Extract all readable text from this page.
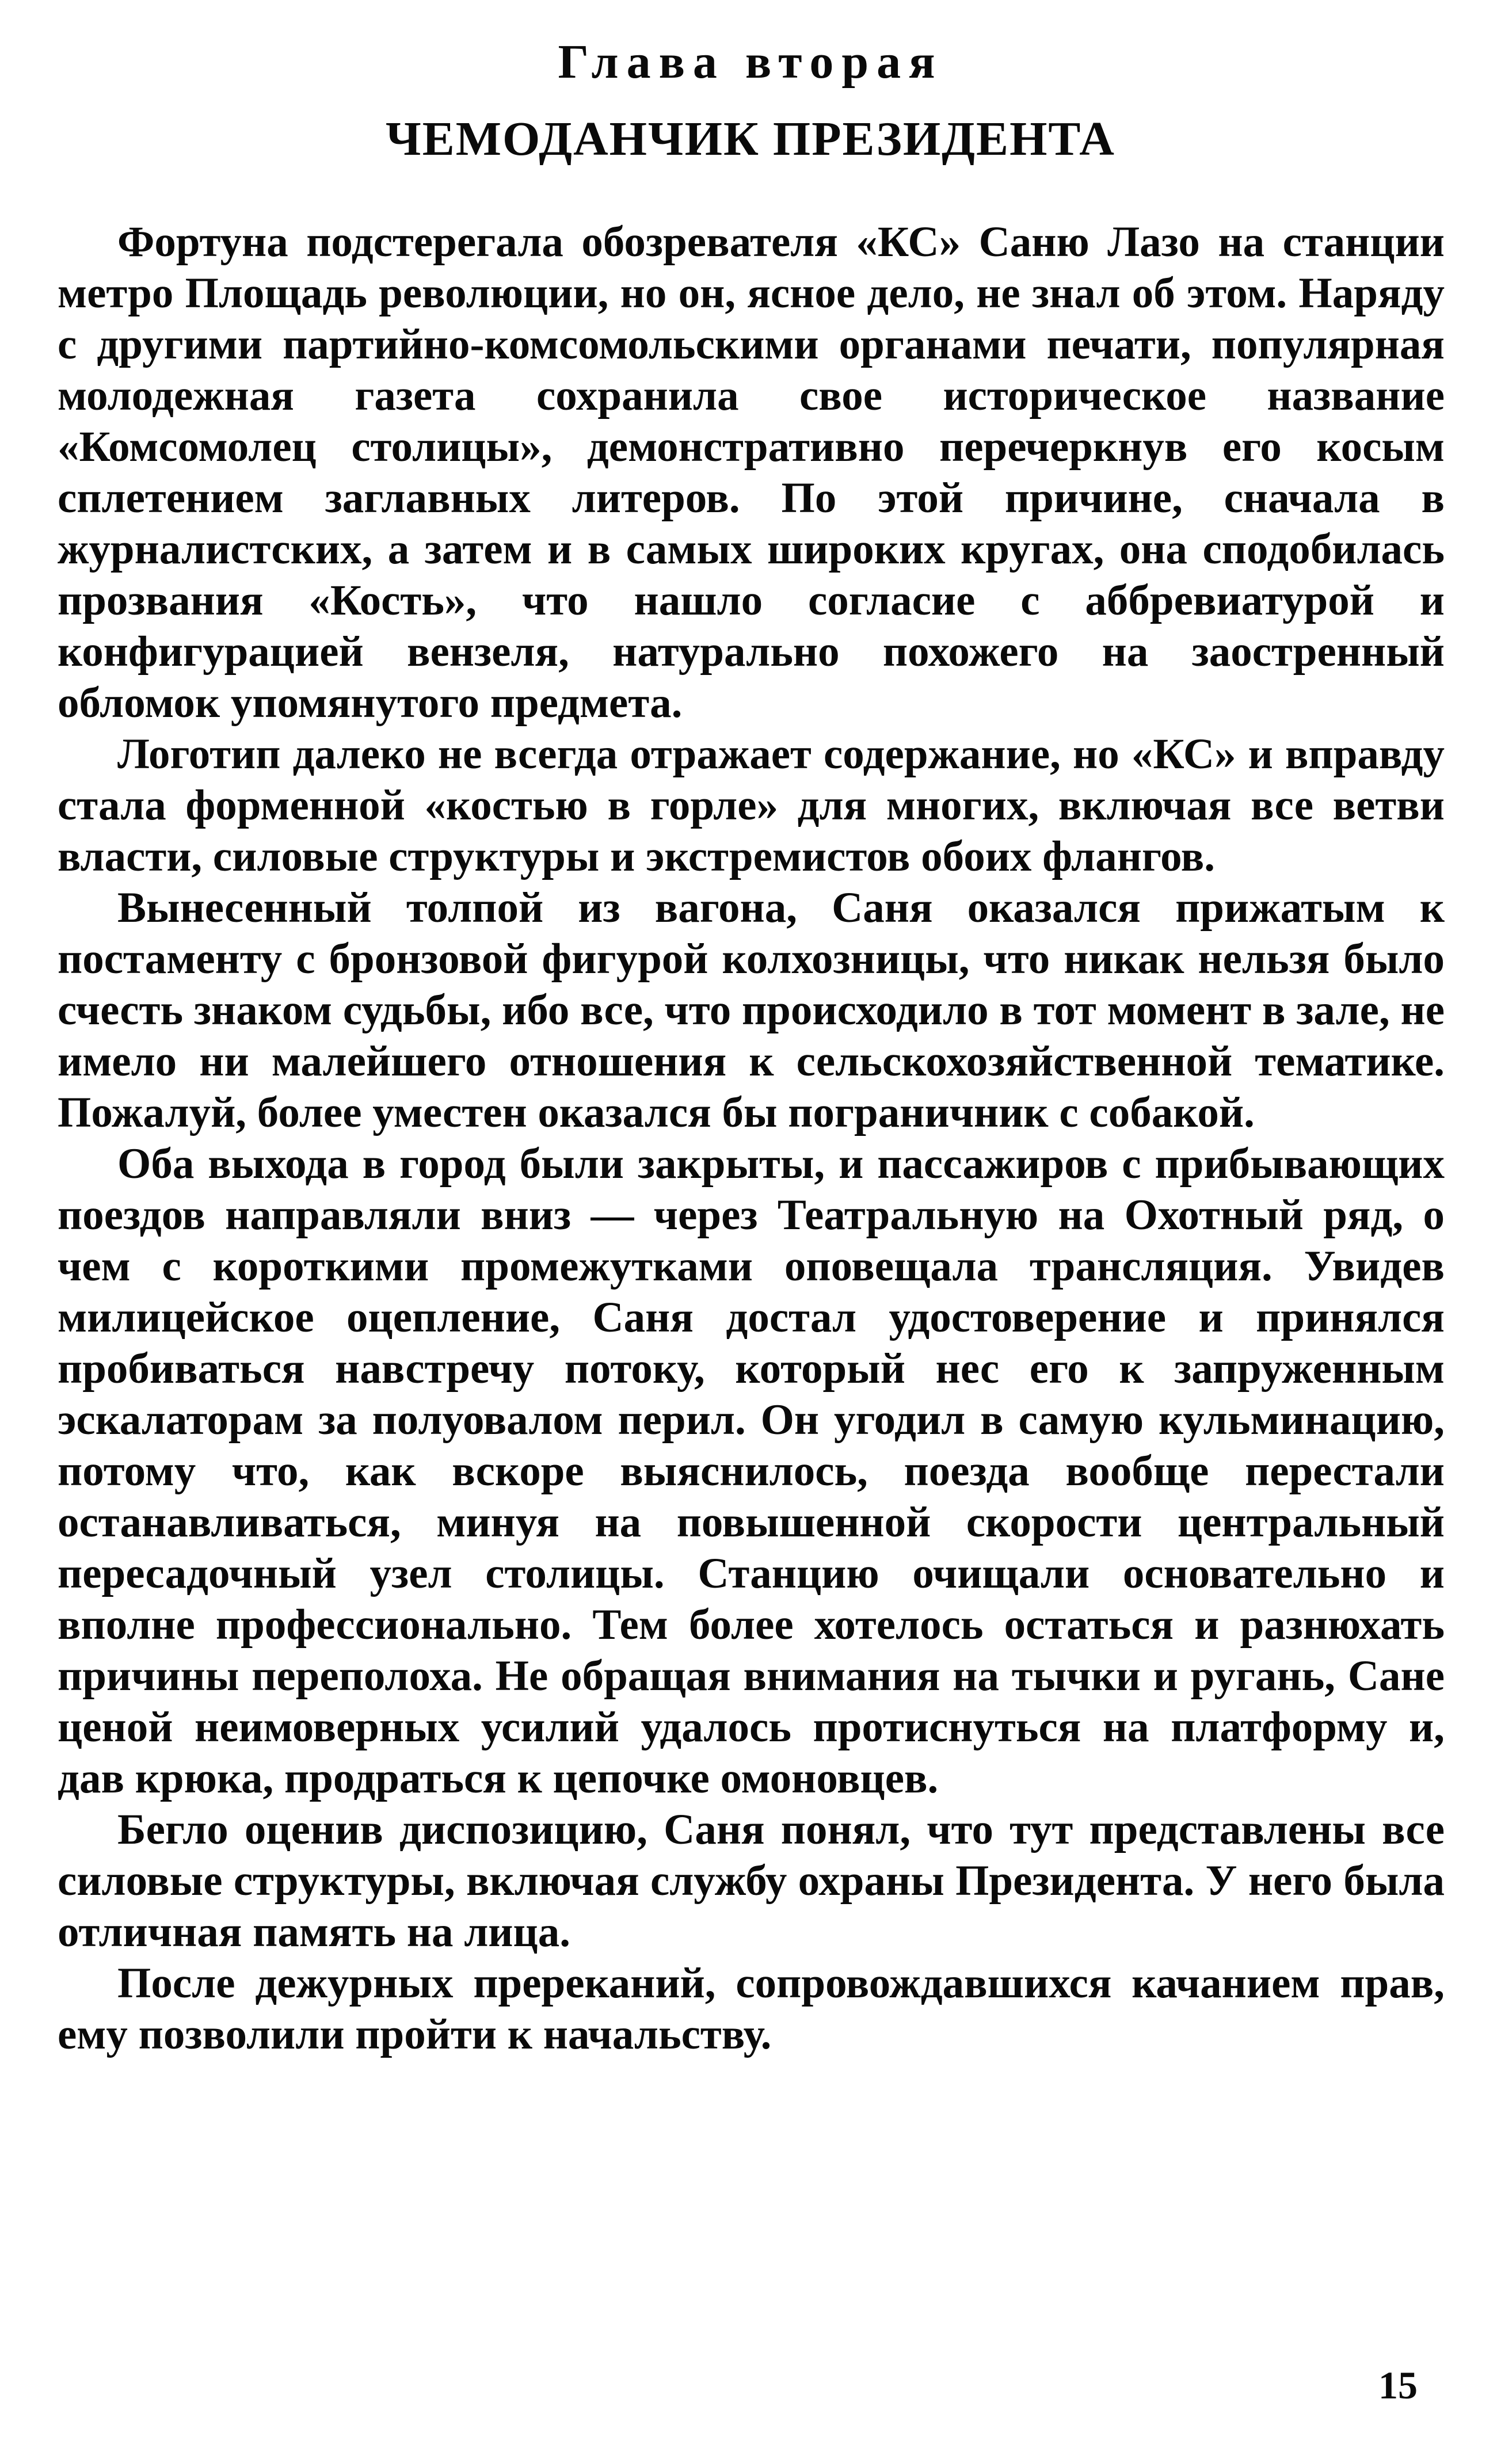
Глава вторая
ЧЕМОДАНЧИК ПРЕЗИДЕНТА

Фортуна подстерегала обозревателя «КС» Саню Лазо на станции метро Площадь революции, но он, ясное дело, не знал об этом. Наряду с другими партийно-комсомольскими органами печати, популярная молодежная газета сохранила свое историческое название «Комсомолец столицы», демонстративно перечеркнув его косым сплетением заглавных литеров. По этой причине, сначала в журналистских, а затем и в самых широких кругах, она сподобилась прозвания «Кость», что нашло согласие с аббревиатурой и конфигурацией вензеля, натурально похожего на заостренный обломок упомянутого предмета.

Логотип далеко не всегда отражает содержание, но «КС» и вправду стала форменной «костью в горле» для многих, включая все ветви власти, силовые структуры и экстремистов обоих флангов.

Вынесенный толпой из вагона, Саня оказался прижатым к постаменту с бронзовой фигурой колхозницы, что никак нельзя было счесть знаком судьбы, ибо все, что происходило в тот момент в зале, не имело ни малейшего отношения к сельскохозяйственной тематике. Пожалуй, более уместен оказался бы пограничник с собакой.

Оба выхода в город были закрыты, и пассажиров с прибывающих поездов направляли вниз — через Театральную на Охотный ряд, о чем с короткими промежутками оповещала трансляция. Увидев милицейское оцепление, Саня достал удостоверение и принялся пробиваться навстречу потоку, который нес его к запруженным эскалаторам за полуовалом перил. Он угодил в самую кульминацию, потому что, как вскоре выяснилось, поезда вообще перестали останавливаться, минуя на повышенной скорости центральный пересадочный узел столицы. Станцию очищали основательно и вполне профессионально. Тем более хотелось остаться и разнюхать причины переполоха. Не обращая внимания на тычки и ругань, Сане ценой неимоверных усилий удалось протиснуться на платформу и, дав крюка, продраться к цепочке омоновцев.

Бегло оценив диспозицию, Саня понял, что тут представлены все силовые структуры, включая службу охраны Президента. У него была отличная память на лица.

После дежурных пререканий, сопровождавшихся качанием прав, ему позволили пройти к начальству.

15
